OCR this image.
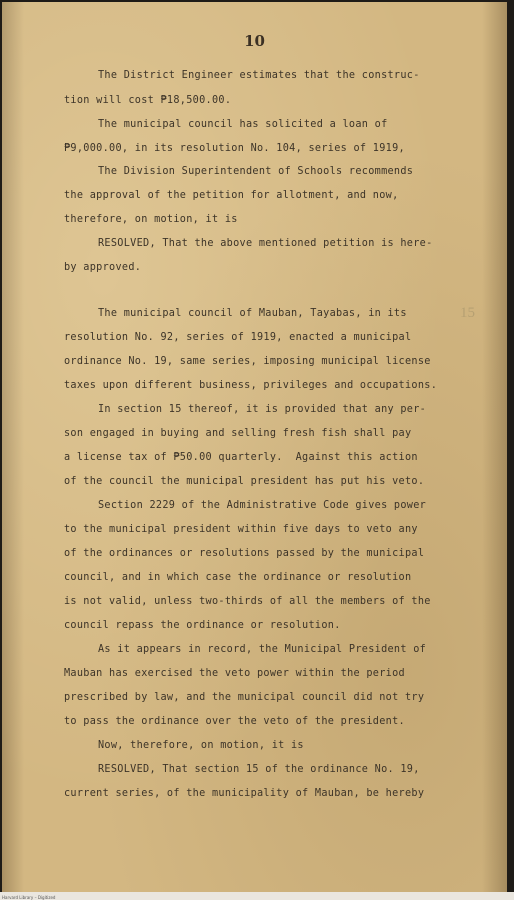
10
The District Engineer estimates that the construc-
tion will cost ₱18,500.00.
The municipal council has solicited a loan of
₱9,000.00, in its resolution No. 104, series of 1919,
The Division Superintendent of Schools recommends
the approval of the petition for allotment, and now,
therefore, on motion, it is
RESOLVED, That the above mentioned petition is here-
by approved.
The municipal council of Mauban, Tayabas, in its
resolution No. 92, series of 1919, enacted a municipal
ordinance No. 19, same series, imposing municipal license
taxes upon different business, privileges and occupations.
In section 15 thereof, it is provided that any per-
son engaged in buying and selling fresh fish shall pay
a license tax of ₱50.00 quarterly.  Against this action
of the council the municipal president has put his veto.
Section 2229 of the Administrative Code gives power
to the municipal president within five days to veto any
of the ordinances or resolutions passed by the municipal
council, and in which case the ordinance or resolution
is not valid, unless two-thirds of all the members of the
council repass the ordinance or resolution.
As it appears in record, the Municipal President of
Mauban has exercised the veto power within the period
prescribed by law, and the municipal council did not try
to pass the ordinance over the veto of the president.
Now, therefore, on motion, it is
RESOLVED, That section 15 of the ordinance No. 19,
current series, of the municipality of Mauban, be hereby
15
Harvard Library – Digitized
